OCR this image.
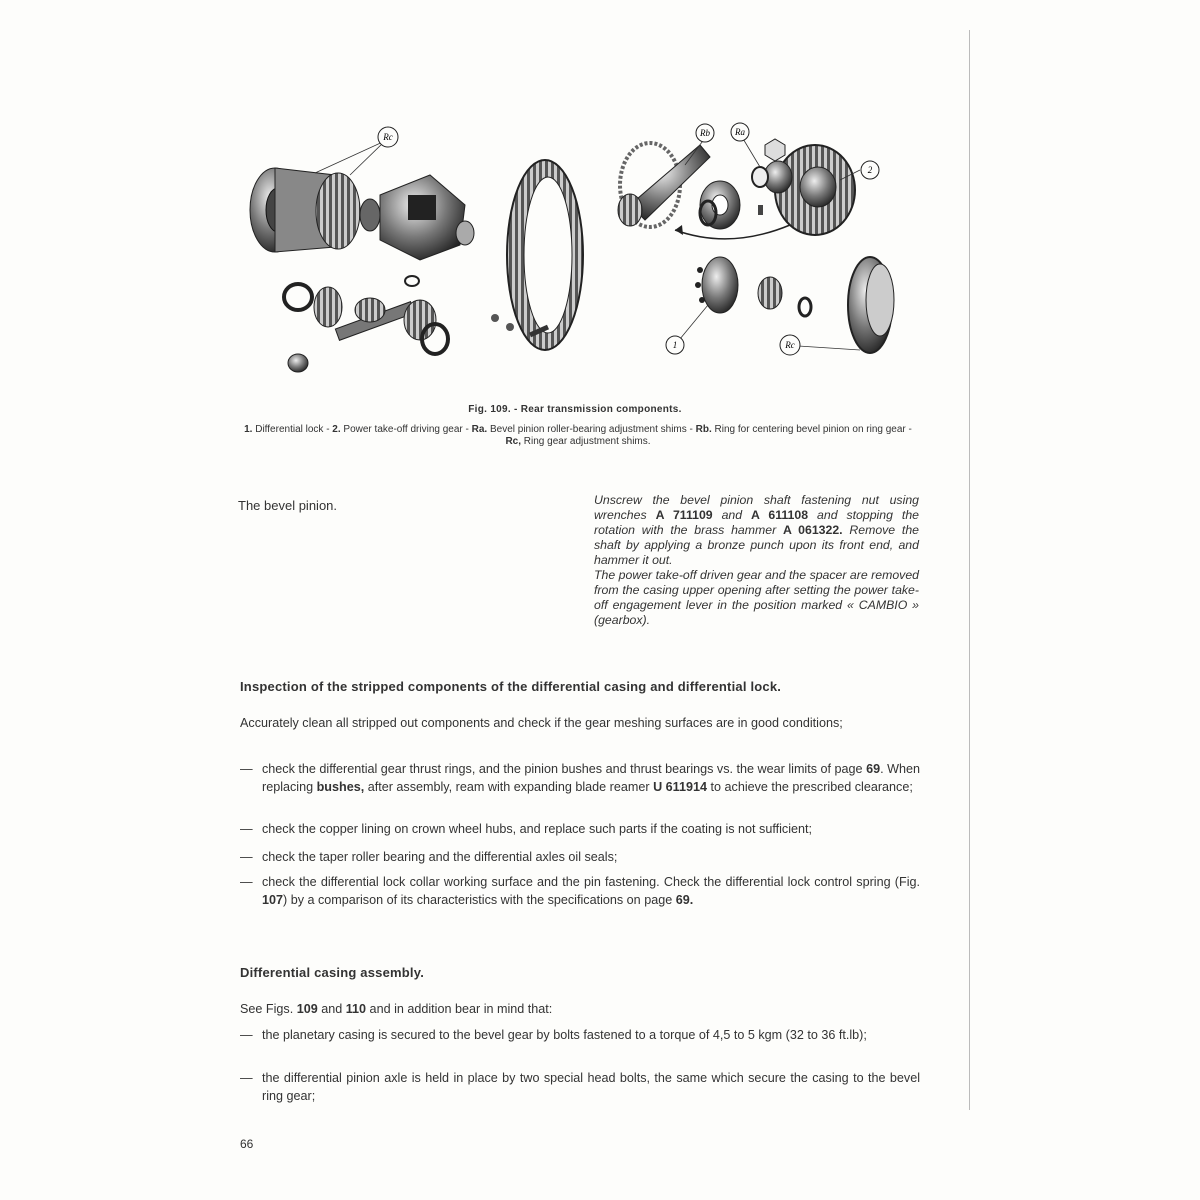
Rc	Rb	Ra
2
1	Rc
Fig. 109. - Rear transmission components.
1. Differential lock - 2. Power take-off driving gear - Ra. Bevel pinion roller-bearing adjustment shims - Rb. Ring for centering bevel pinion on ring gear - Rc, Ring gear adjustment shims.
The bevel pinion.	Unscrew the bevel pinion shaft fastening nut using wrenches A 711109 and A 611108 and stopping the rotation with the brass hammer A 061322. Remove the shaft by applying a bronze punch upon its front end, and hammer it out.
The power take-off driven gear and the spacer are removed from the casing upper opening after setting the power take-off engagement lever in the position marked « CAMBIO » (gearbox).
Inspection of the stripped components of the differential casing and differential lock.
Accurately clean all stripped out components and check if the gear meshing surfaces are in good conditions;
— check the differential gear thrust rings, and the pinion bushes and thrust bearings vs. the wear limits of page 69. When replacing bushes, after assembly, ream with expanding blade reamer U 611914 to achieve the prescribed clearance;
— check the copper lining on crown wheel hubs, and replace such parts if the coating is not sufficient;
— check the taper roller bearing and the differential axles oil seals;
— check the differential lock collar working surface and the pin fastening. Check the differential lock control spring (Fig. 107) by a comparison of its characteristics with the specifications on page 69.
Differential casing assembly.
See Figs. 109 and 110 and in addition bear in mind that:
— the planetary casing is secured to the bevel gear by bolts fastened to a torque of 4,5 to 5 kgm (32 to 36 ft.lb);
— the differential pinion axle is held in place by two special head bolts, the same which secure the casing to the bevel ring gear;
66
